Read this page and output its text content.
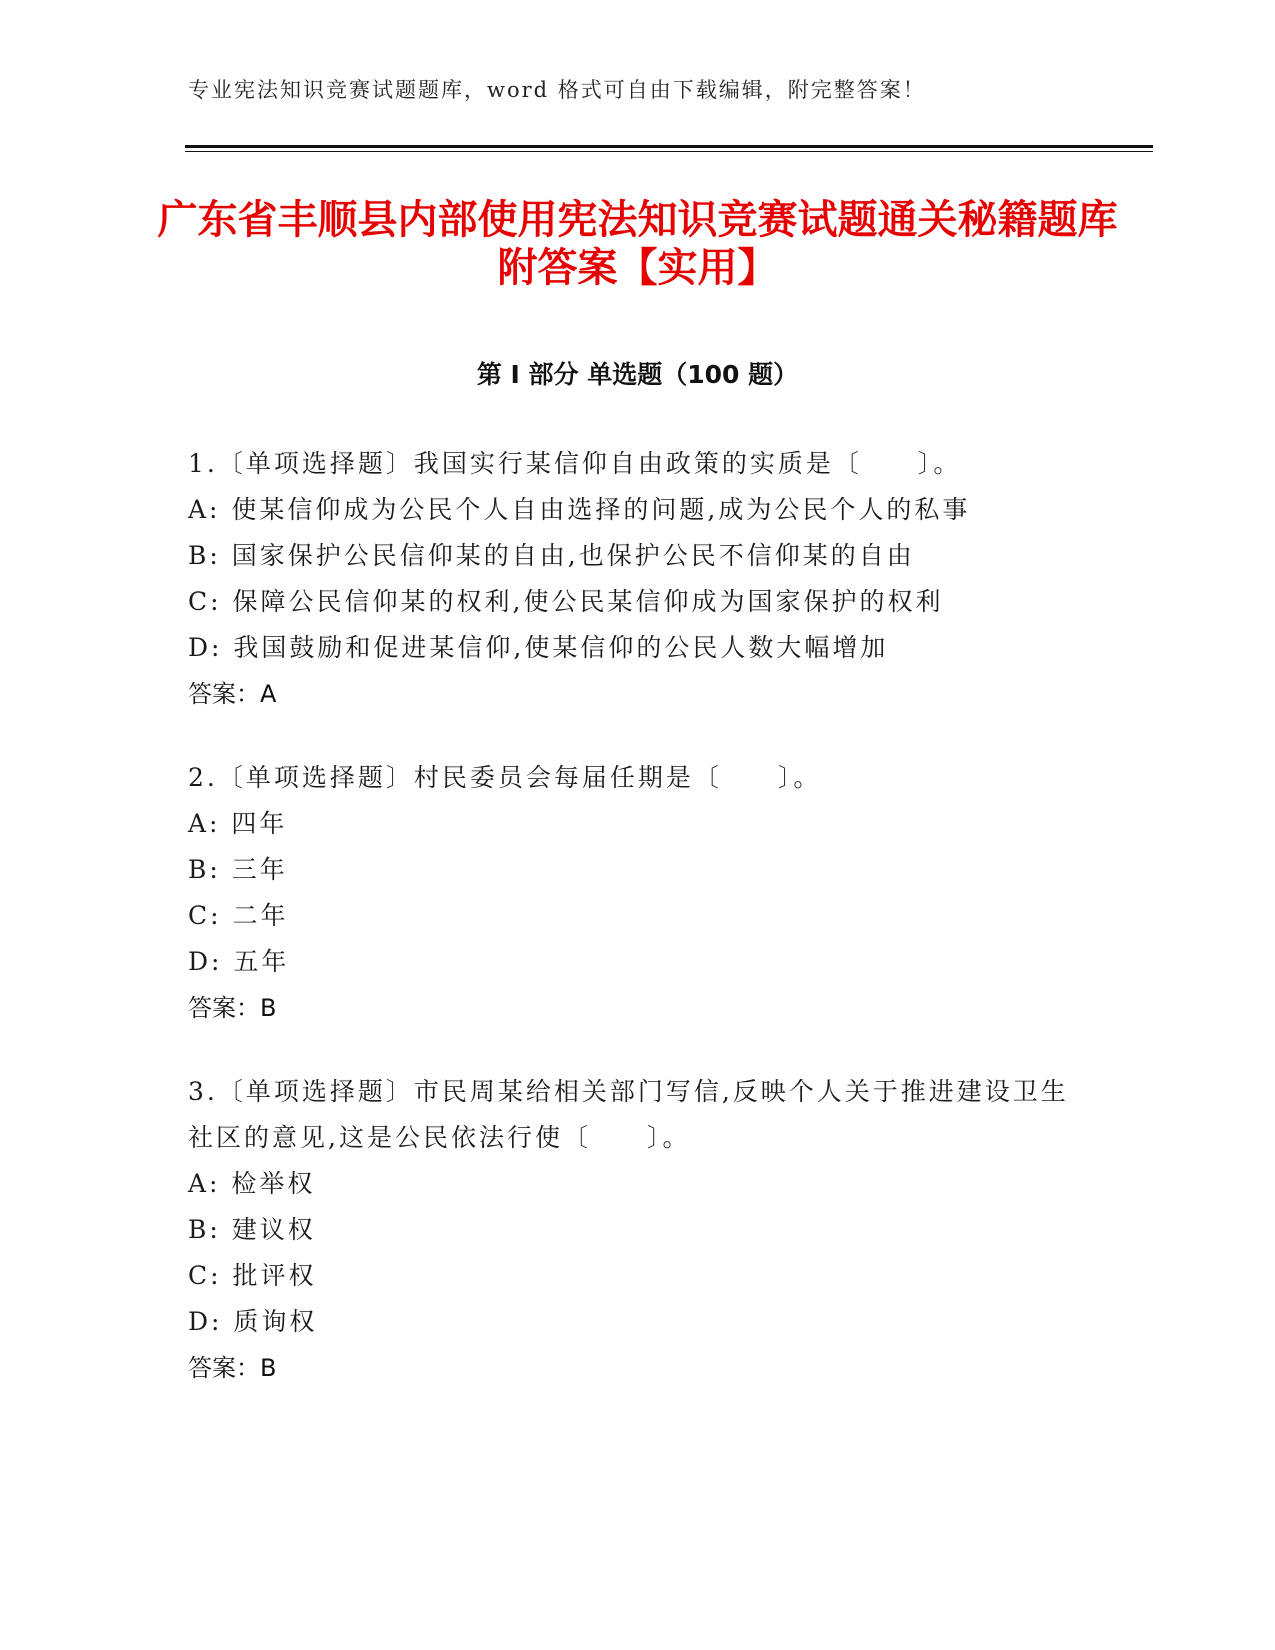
专业宪法知识竞赛试题题库，word 格式可自由下载编辑，附完整答案！
广东省丰顺县内部使用宪法知识竞赛试题通关秘籍题库附答案【实用】
第 I 部分 单选题（100 题）
1.〔单项选择题〕我国实行某信仰自由政策的实质是〔　　〕。
A: 使某信仰成为公民个人自由选择的问题,成为公民个人的私事
B: 国家保护公民信仰某的自由,也保护公民不信仰某的自由
C: 保障公民信仰某的权利,使公民某信仰成为国家保护的权利
D: 我国鼓励和促进某信仰,使某信仰的公民人数大幅增加
答案：A
2.〔单项选择题〕村民委员会每届任期是〔　　〕。
A: 四年
B: 三年
C: 二年
D: 五年
答案：B
3.〔单项选择题〕市民周某给相关部门写信,反映个人关于推进建设卫生社区的意见,这是公民依法行使〔　　〕。
A: 检举权
B: 建议权
C: 批评权
D: 质询权
答案：B
